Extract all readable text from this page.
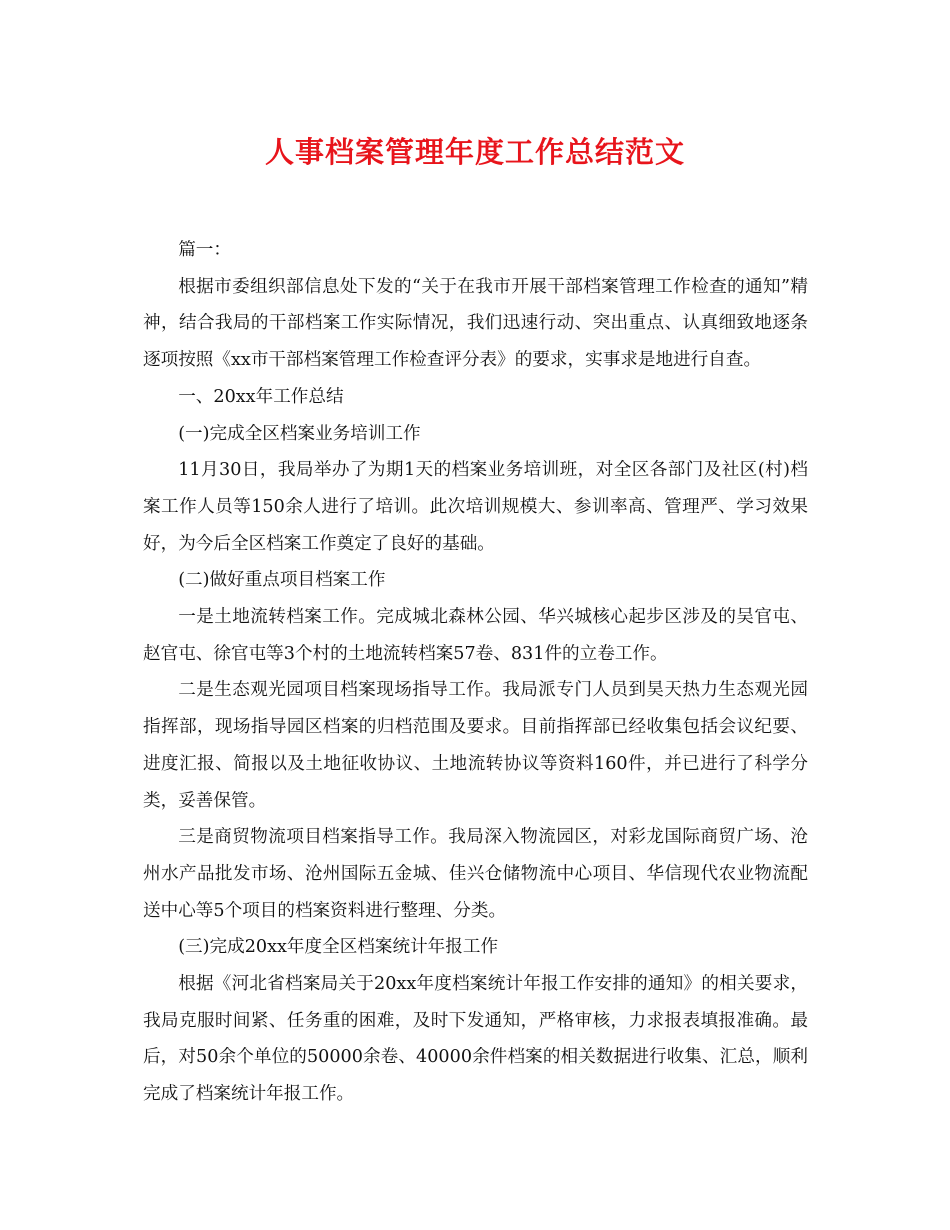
人事档案管理年度工作总结范文

篇一：

根据市委组织部信息处下发的“关于在我市开展干部档案管理工作检查的通知”精神，结合我局的干部档案工作实际情况，我们迅速行动、突出重点、认真细致地逐条逐项按照《xx市干部档案管理工作检查评分表》的要求，实事求是地进行自查。

一、20xx年工作总结

(一)完成全区档案业务培训工作

11月30日，我局举办了为期1天的档案业务培训班，对全区各部门及社区(村)档案工作人员等150余人进行了培训。此次培训规模大、参训率高、管理严、学习效果好，为今后全区档案工作奠定了良好的基础。

(二)做好重点项目档案工作

一是土地流转档案工作。完成城北森林公园、华兴城核心起步区涉及的吴官屯、赵官屯、徐官屯等3个村的土地流转档案57卷、831件的立卷工作。

二是生态观光园项目档案现场指导工作。我局派专门人员到昊天热力生态观光园指挥部，现场指导园区档案的归档范围及要求。目前指挥部已经收集包括会议纪要、进度汇报、简报以及土地征收协议、土地流转协议等资料160件，并已进行了科学分类，妥善保管。

三是商贸物流项目档案指导工作。我局深入物流园区，对彩龙国际商贸广场、沧州水产品批发市场、沧州国际五金城、佳兴仓储物流中心项目、华信现代农业物流配送中心等5个项目的档案资料进行整理、分类。

(三)完成20xx年度全区档案统计年报工作

根据《河北省档案局关于20xx年度档案统计年报工作安排的通知》的相关要求，我局克服时间紧、任务重的困难，及时下发通知，严格审核，力求报表填报准确。最后，对50余个单位的50000余卷、40000余件档案的相关数据进行收集、汇总，顺利完成了档案统计年报工作。
